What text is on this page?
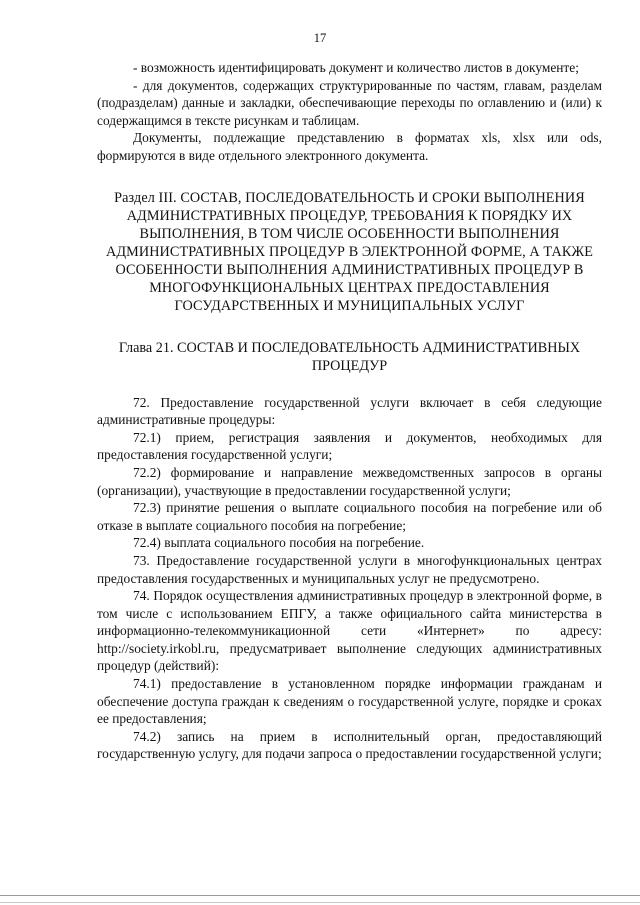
17

- возможность идентифицировать документ и количество листов в документе;

- для документов, содержащих структурированные по частям, главам, разделам (подразделам) данные и закладки, обеспечивающие переходы по оглавлению и (или) к содержащимся в тексте рисункам и таблицам.

Документы, подлежащие представлению в форматах xls, xlsx или ods, формируются в виде отдельного электронного документа.

Раздел III. СОСТАВ, ПОСЛЕДОВАТЕЛЬНОСТЬ И СРОКИ ВЫПОЛНЕНИЯ АДМИНИСТРАТИВНЫХ ПРОЦЕДУР, ТРЕБОВАНИЯ К ПОРЯДКУ ИХ ВЫПОЛНЕНИЯ, В ТОМ ЧИСЛЕ ОСОБЕННОСТИ ВЫПОЛНЕНИЯ АДМИНИСТРАТИВНЫХ ПРОЦЕДУР В ЭЛЕКТРОННОЙ ФОРМЕ, А ТАКЖЕ ОСОБЕННОСТИ ВЫПОЛНЕНИЯ АДМИНИСТРАТИВНЫХ ПРОЦЕДУР В МНОГОФУНКЦИОНАЛЬНЫХ ЦЕНТРАХ ПРЕДОСТАВЛЕНИЯ ГОСУДАРСТВЕННЫХ И МУНИЦИПАЛЬНЫХ УСЛУГ

Глава 21. СОСТАВ И ПОСЛЕДОВАТЕЛЬНОСТЬ АДМИНИСТРАТИВНЫХ ПРОЦЕДУР

72. Предоставление государственной услуги включает в себя следующие административные процедуры:

72.1) прием, регистрация заявления и документов, необходимых для предоставления государственной услуги;

72.2) формирование и направление межведомственных запросов в органы (организации), участвующие в предоставлении государственной услуги;

72.3) принятие решения о выплате социального пособия на погребение или об отказе в выплате социального пособия на погребение;

72.4) выплата социального пособия на погребение.

73. Предоставление государственной услуги в многофункциональных центрах предоставления государственных и муниципальных услуг не предусмотрено.

74. Порядок осуществления административных процедур в электронной форме, в том числе с использованием ЕПГУ, а также официального сайта министерства в информационно-телекоммуникационной сети «Интернет» по адресу: http://society.irkobl.ru, предусматривает выполнение следующих административных процедур (действий):

74.1) предоставление в установленном порядке информации гражданам и обеспечение доступа граждан к сведениям о государственной услуге, порядке и сроках ее предоставления;

74.2) запись на прием в исполнительный орган, предоставляющий государственную услугу, для подачи запроса о предоставлении государственной услуги;
